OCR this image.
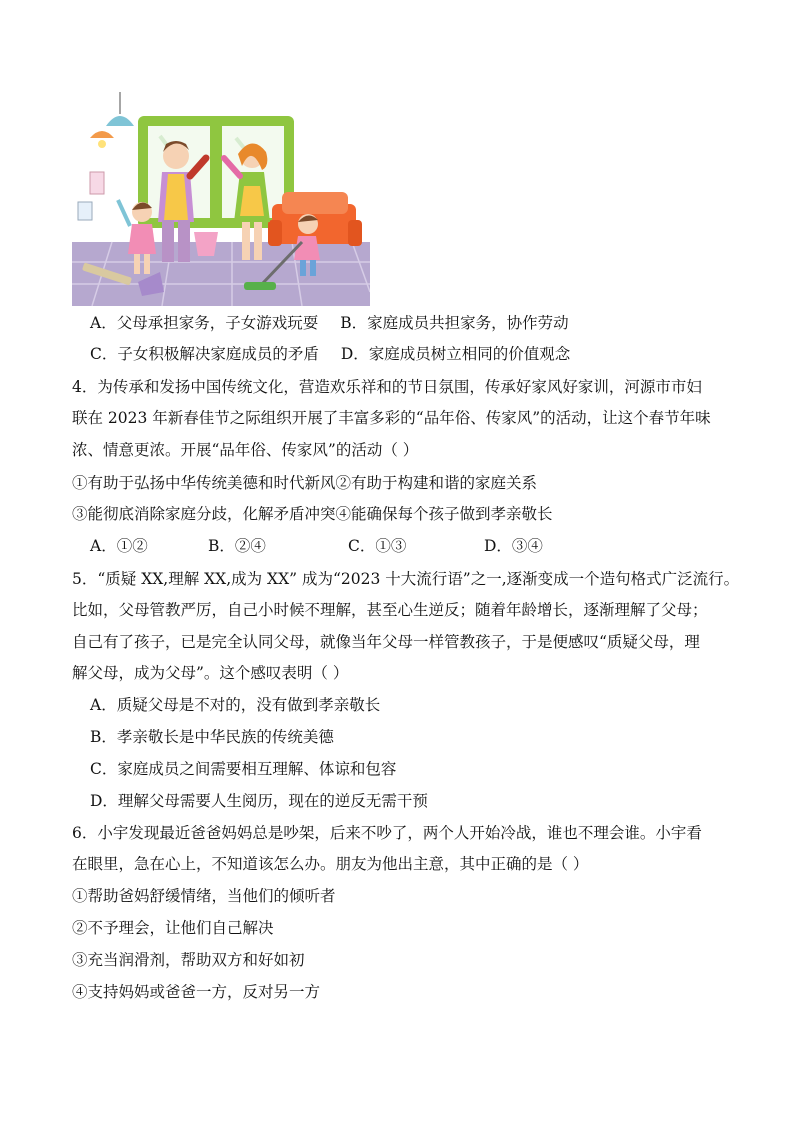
A．父母承担家务，子女游戏玩耍 B．家庭成员共担家务，协作劳动
C．子女积极解决家庭成员的矛盾 D．家庭成员树立相同的价值观念
4．为传承和发扬中国传统文化，营造欢乐祥和的节日氛围，传承好家风好家训，河源市市妇
联在 2023 年新春佳节之际组织开展了丰富多彩的“品年俗、传家风”的活动，让这个春节年味
浓、情意更浓。开展“品年俗、传家风”的活动（ ）
①有助于弘扬中华传统美德和时代新风②有助于构建和谐的家庭关系
③能彻底消除家庭分歧，化解矛盾冲突④能确保每个孩子做到孝亲敬长
A．①②	B．②④	C．①③	D．③④
5．“质疑 XX,理解 XX,成为 XX” 成为“2023 十大流行语”之一,逐渐变成一个造句格式广泛流行。
比如，父母管教严厉，自己小时候不理解，甚至心生逆反；随着年龄增长，逐渐理解了父母；
自己有了孩子，已是完全认同父母，就像当年父母一样管教孩子，于是便感叹“质疑父母，理
解父母，成为父母”。这个感叹表明（ ）
A．质疑父母是不对的，没有做到孝亲敬长
B．孝亲敬长是中华民族的传统美德
C．家庭成员之间需要相互理解、体谅和包容
D．理解父母需要人生阅历，现在的逆反无需干预
6．小宇发现最近爸爸妈妈总是吵架，后来不吵了，两个人开始冷战，谁也不理会谁。小宇看
在眼里，急在心上，不知道该怎么办。朋友为他出主意，其中正确的是（ ）
①帮助爸妈舒缓情绪，当他们的倾听者
②不予理会，让他们自己解决
③充当润滑剂，帮助双方和好如初
④支持妈妈或爸爸一方，反对另一方
